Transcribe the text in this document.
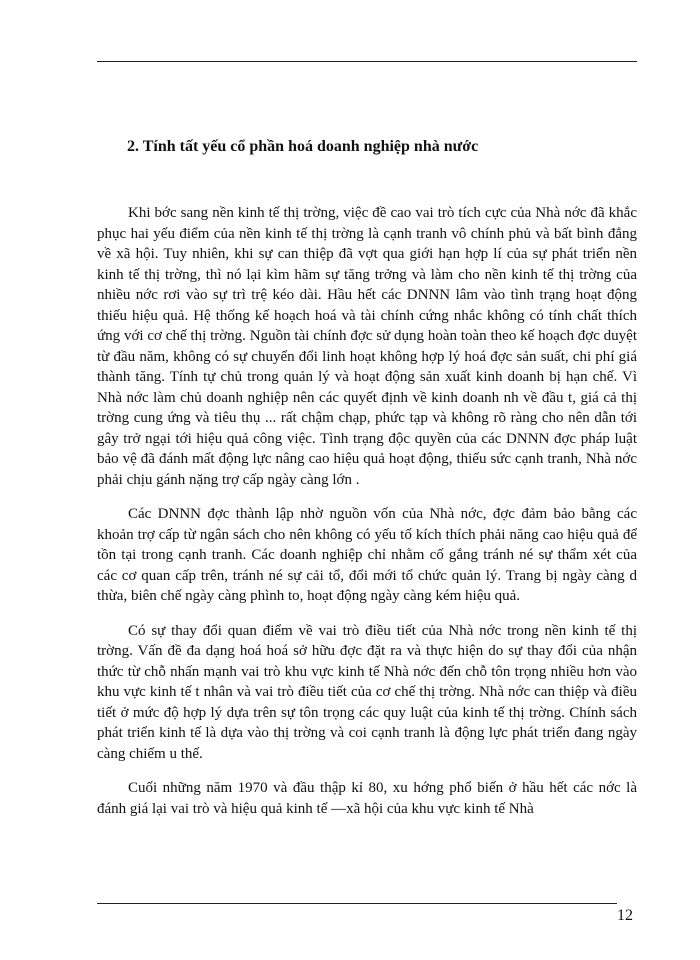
2. Tính tất yếu cổ phần hoá doanh nghiệp nhà nước

Khi bớc sang nền kinh tế thị trờng, việc đề cao vai trò tích cực của Nhà nớc đã khắc phục hai yếu điểm của nền kinh tế thị trờng là cạnh tranh vô chính phủ và bất bình đẳng về xã hội. Tuy nhiên, khi sự can thiệp đã vợt qua giới hạn hợp lí của sự phát triển nền kinh tế thị trờng, thì nó lại kìm hãm sự tăng trởng và làm cho nền kinh tế thị trờng của nhiều nớc rơi vào sự trì trệ kéo dài. Hầu hết các DNNN lâm vào tình trạng hoạt động thiếu hiệu quả. Hệ thống kế hoạch hoá và tài chính cứng nhắc không có tính chất thích ứng với cơ chế thị trờng. Nguồn tài chính đợc sử dụng hoàn toàn theo kế hoạch đợc duyệt từ đầu năm, không có sự chuyển đổi linh hoạt không hợp lý hoá đợc sản suất, chi phí giá thành tăng. Tính tự chủ trong quản lý và hoạt động sản xuất kinh doanh bị hạn chế. Vì Nhà nớc làm chủ doanh nghiệp nên các quyết định về kinh doanh nh về đầu t, giá cả thị trờng cung ứng và tiêu thụ ... rất chậm chạp, phức tạp và không rõ ràng cho nên dẫn tới gây trở ngại tới hiệu quả công việc. Tình trạng độc quyền của các DNNN đợc pháp luật bảo vệ đã đánh mất động lực nâng cao hiệu quả hoạt động, thiếu sức cạnh tranh, Nhà nớc phải chịu gánh nặng trợ cấp ngày càng lớn .

Các DNNN đợc thành lập nhờ nguồn vốn của Nhà nớc, đợc đảm bảo bằng các khoản trợ cấp từ ngân sách cho nên không có yếu tố kích thích phải năng cao hiệu quả để tồn tại trong cạnh tranh. Các doanh nghiệp chỉ nhằm cố gắng tránh né sự thẩm xét của các cơ quan cấp trên, tránh né sự cải tổ, đổi mới tổ chức quản lý. Trang bị ngày càng d thừa, biên chế ngày càng phình to, hoạt động ngày càng kém hiệu quả.

Có sự thay đổi quan điểm về vai trò điều tiết của Nhà nớc trong nền kinh tế thị trờng. Vấn đề đa dạng hoá hoá sở hữu đợc đặt ra và thực hiện do sự thay đổi của nhận thức từ chỗ nhấn mạnh vai trò khu vực kinh tế Nhà nớc đến chỗ tôn trọng nhiều hơn vào khu vực kinh tế t nhân và vai trò điều tiết của cơ chế thị trờng. Nhà nớc can thiệp và điều tiết ở mức độ hợp lý dựa trên sự tôn trọng các quy luật của kinh tế thị trờng. Chính sách phát triển kinh tế là dựa vào thị trờng và coi cạnh tranh là động lực phát triển đang ngày càng chiếm u thế.

Cuối những năm 1970 và đầu thập kỉ 80, xu hớng phổ biến ở hầu hết các nớc là đánh giá lại vai trò và hiệu quả kinh tế —xã hội của khu vực kinh tế Nhà

12
